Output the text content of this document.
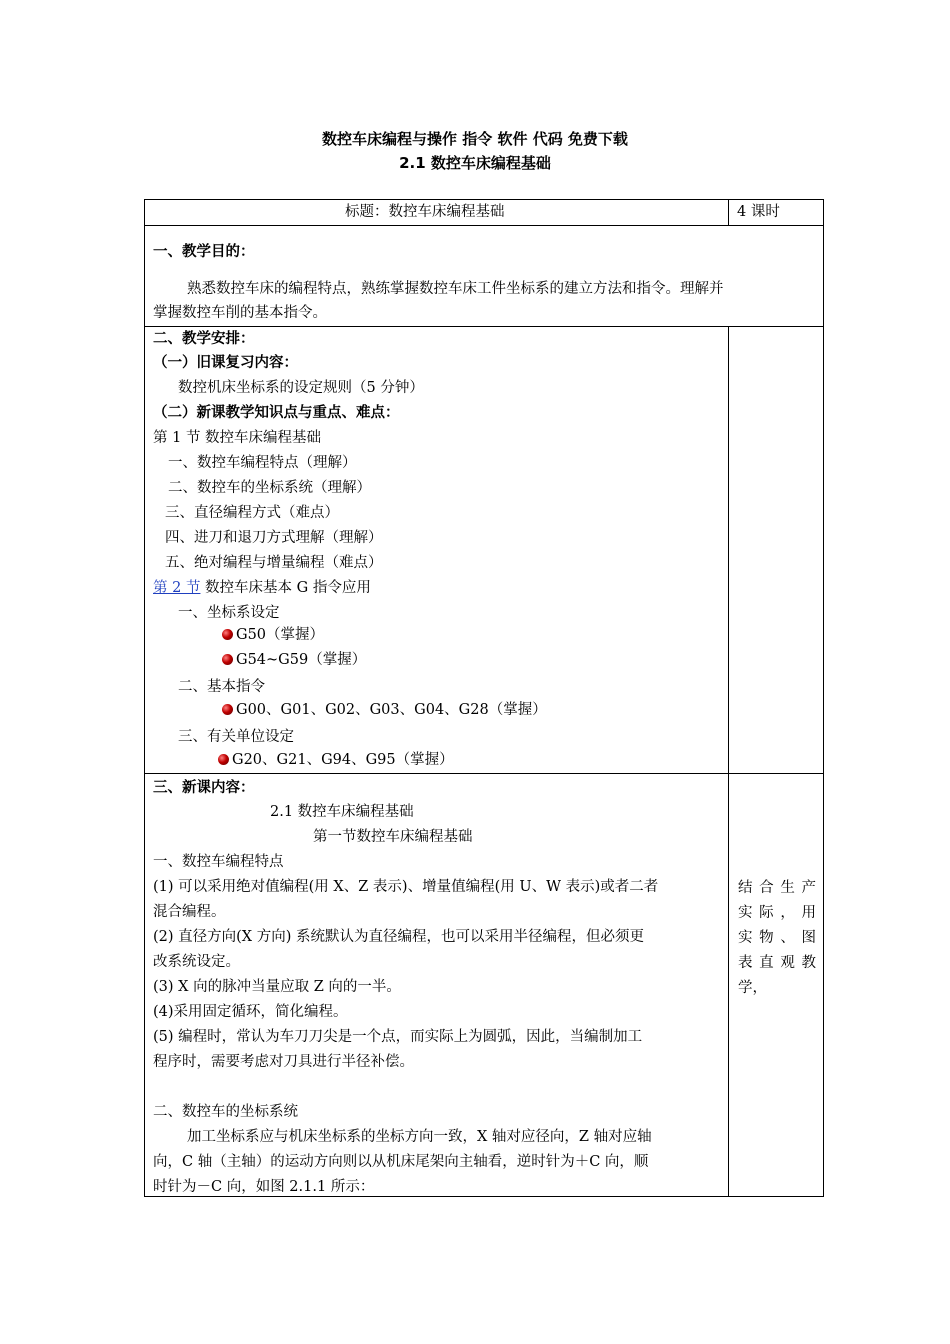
数控车床编程与操作 指令 软件 代码 免费下载
2.1 数控车床编程基础
标题：数控车床编程基础	4 课时
一、教学目的：
熟悉数控车床的编程特点，熟练掌握数控车床工件坐标系的建立方法和指令。理解并
掌握数控车削的基本指令。
二、教学安排：
（一）旧课复习内容：
数控机床坐标系的设定规则（5 分钟）
（二）新课教学知识点与重点、难点：
第 1 节 数控车床编程基础
一、数控车编程特点（理解）
二、数控车的坐标系统（理解）
三、直径编程方式（难点）
四、进刀和退刀方式理解（理解）
五、绝对编程与增量编程（难点）
第 2 节 数控车床基本 G 指令应用
一、坐标系设定
G50（掌握）
G54~G59（掌握）
二、基本指令
G00、G01、G02、G03、G04、G28（掌握）
三、有关单位设定
G20、G21、G94、G95（掌握）
三、新课内容：
2.1 数控车床编程基础
第一节数控车床编程基础
一、数控车编程特点
(1) 可以采用绝对值编程(用 X、Z 表示)、增量值编程(用 U、W 表示)或者二者
混合编程。
(2) 直径方向(X 方向) 系统默认为直径编程，也可以采用半径编程，但必须更
改系统设定。
(3) X 向的脉冲当量应取 Z 向的一半。
(4)采用固定循环，简化编程。
(5) 编程时，常认为车刀刀尖是一个点，而实际上为圆弧，因此，当编制加工
程序时，需要考虑对刀具进行半径补偿。
二、数控车的坐标系统
加工坐标系应与机床坐标系的坐标方向一致，X 轴对应径向，Z 轴对应轴
向，C 轴（主轴）的运动方向则以从机床尾架向主轴看，逆时针为＋C 向，顺
时针为－C 向，如图 2.1.1 所示：
结合生产
实际，用
实物、图
表直观教
学，
